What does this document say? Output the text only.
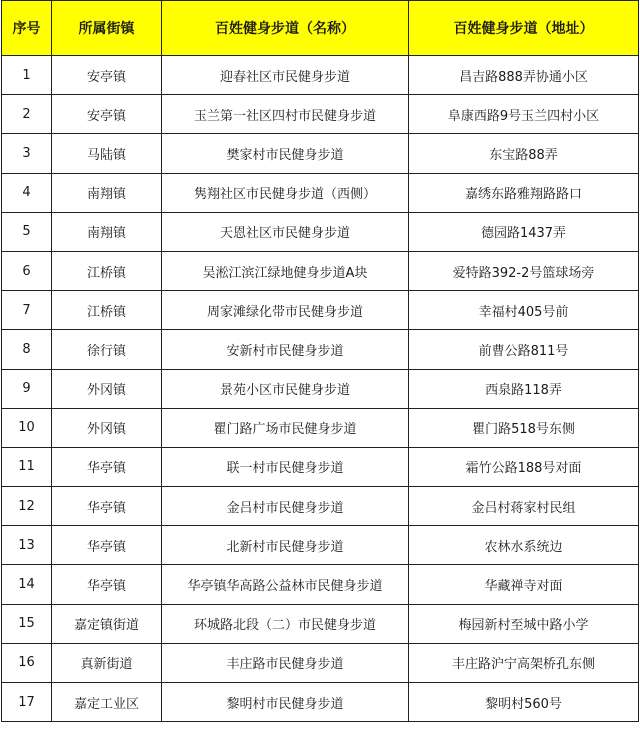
序号	所属街镇	百姓健身步道（名称）	百姓健身步道（地址）
1	安亭镇	迎春社区市民健身步道	昌吉路888弄协通小区
2	安亭镇	玉兰第一社区四村市民健身步道	阜康西路9号玉兰四村小区
3	马陆镇	樊家村市民健身步道	东宝路88弄
4	南翔镇	隽翔社区市民健身步道（西侧）	嘉绣东路雅翔路路口
5	南翔镇	天恩社区市民健身步道	德园路1437弄
6	江桥镇	吴淞江滨江绿地健身步道A块	爱特路392-2号篮球场旁
7	江桥镇	周家滩绿化带市民健身步道	幸福村405号前
8	徐行镇	安新村市民健身步道	前曹公路811号
9	外冈镇	景苑小区市民健身步道	西泉路118弄
10	外冈镇	瞿门路广场市民健身步道	瞿门路518号东侧
11	华亭镇	联一村市民健身步道	霜竹公路188号对面
12	华亭镇	金吕村市民健身步道	金吕村蒋家村民组
13	华亭镇	北新村市民健身步道	农林水系统边
14	华亭镇	华亭镇华高路公益林市民健身步道	华藏禅寺对面
15	嘉定镇街道	环城路北段（二）市民健身步道	梅园新村至城中路小学
16	真新街道	丰庄路市民健身步道	丰庄路沪宁高架桥孔东侧
17	嘉定工业区	黎明村市民健身步道	黎明村560号
